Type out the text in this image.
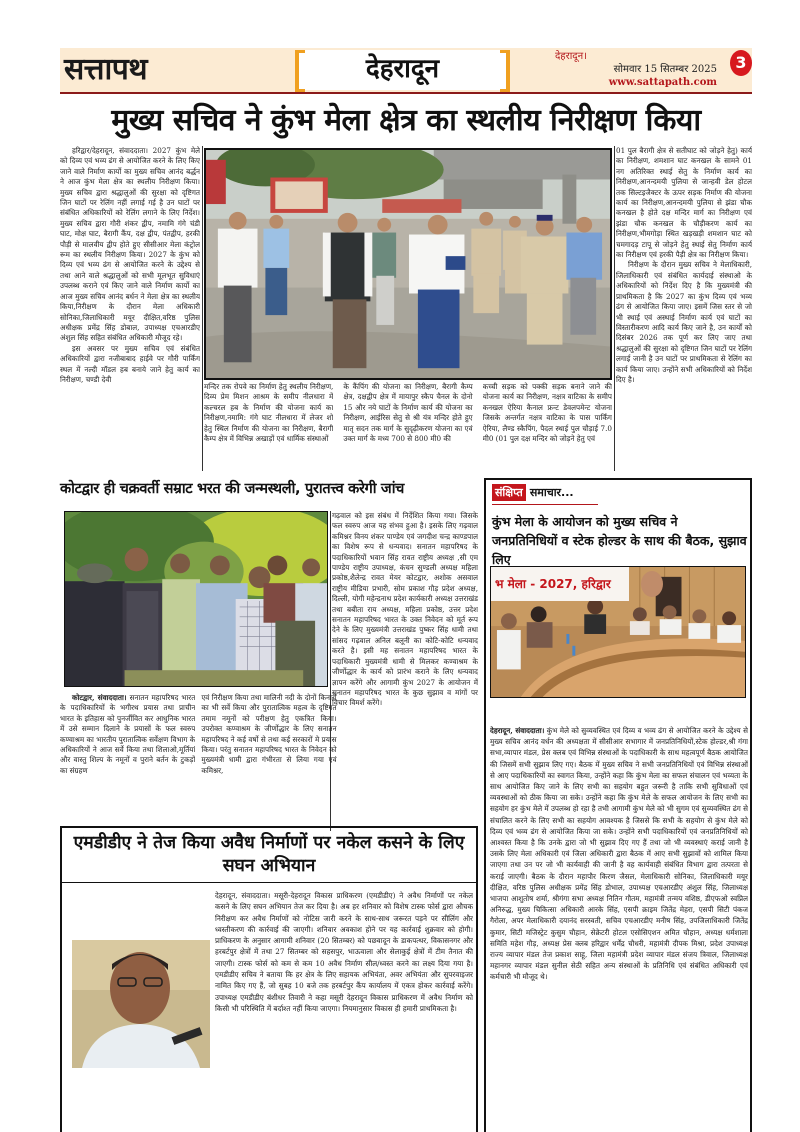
सत्तापथ	देहरादून	देहरादून।
सोमवार 15 सितम्बर 2025
www.sattapath.com
3
मुख्य सचिव ने कुंभ मेला क्षेत्र का स्थलीय निरीक्षण किया

हरिद्वार/देहरादून, संवाददाता। 2027 कुंभ मेले को दिव्य एवं भव्य ढंग से आयोजित करने के लिए किए जाने वाले निर्माण कार्यो का मुख्य सचिव आनंद बर्द्धन ने आज कुंभ मेला क्षेत्र का स्थलीय निरीक्षण किया। मुख्य सचिव द्वारा श्रद्धालुओं की सुरक्षा को दृष्टिगत जिन घाटों पर रेलिंग नहीं लगाई गई है उन घाटों पर संबंधित अधिकारियों को रेलिंग लगाने के लिए निर्देश। मुख्य सचिव द्वारा गौरी शंकर द्वीप, नमामि गंगे चंडी घाट, मोक्ष घाट, बैरागी कैंप, दक्ष द्वीप, पंतद्वीप, हरकी पौड़ी से मालवीय द्वीप होते हुए सीसीआर मेला कंट्रोल रूम का स्थलीय निरीक्षण किया। 2027 के कुंभ को दिव्य एवं भव्य ढंग से आयोजित करने के उद्देश्य से तथा आने वाले श्रद्धालुओं को सभी मूलभूत सुविधाएं उपलब्ध कराने एवं किए जाने वाले निर्माण कार्यो का आज मुख्य सचिव आनंद बर्धन ने मेला क्षेत्र का स्थलीय किया,निरीक्षण के दौरान मेला अधिकारी सोनिका,जिलाधिकारी मयूर दीक्षित,वरिष्ठ पुलिस अधीक्षक प्रमेंद्र सिंह डोबाल, उपाध्यक्ष एचआरडीए अंशुल सिंह सहित संबंधित अधिकारी मौजूद रहे।

इस अवसर पर मुख्य सचिव एवं संबंधित अधिकारियों द्वारा नजीबाबाद हाईवे पर गौरी पार्किंग स्थल में नल्दी मॉडल हब बनाये जाने हेतु कार्य का निरीक्षण, चण्डी देवी

मन्दिर तक रोपवे का निर्माण हेतु स्थलीय निरीक्षण, दिव्य प्रेम मिशन आश्रम के समीप नीलधारा में कल्चरल हब के निर्माण की योजना कार्य का निरीक्षण,नमामि: गंगे घाट नीलधारा में लेजर शो हेतु स्थिल निर्माण की योजना का निरीक्षण, बैरागी कैम्प क्षेत्र में विभिन्न अखाड़ों एवं धार्मिक संस्थाओं
के कैंपिंग की योजना का निरीक्षण, बैरागी कैम्प क्षेत्र, दक्षद्वीप क्षेत्र में मायापुर स्कैप चैनल के दोनो 15 और नये घाटों के निर्माण कार्य की योजना का निरीक्षण, आईरिस सेतु से श्री यंत्र मन्दिर होते हुए मातृ सदन तक मार्ग के सुदृढ़ीकरण योजना का एवं उक्त मार्ग के मध्य 700 से 800 मी0 की
कच्ची सड़क को पक्की सड़क बनाने जाने की योजना कार्य का निरीक्षण, नक्षत्र वाटिका के समीप कनखल ऐरिया कैनाल फ्रन्ट डेवलपमेन्ट योजना जिसके अन्तर्गत नक्षत्र वाटिका के पास पार्किंग ऐरिया, लैण्ड स्कैपिंग, पैदल स्थाई पुल चौड़ाई 7.0 मी0 (01 पुल दक्ष मन्दिर को जोड़ने हेतु एवं

01 पुल बैरागी क्षेत्र से सतीघाट को जोड़ने हेतु) कार्य का निरीक्षण, शमशान घाट कनखल के सामने 01 नग अतिरिक्त स्थाई सेतु के निर्माण कार्य का निरीक्षण,आनन्दमयी पुलिया से जान्हवी डेल होटल तक सिल्टइजैक्टर के ऊपर सड़क निर्माण की योजना कार्य का निरीक्षण,आनन्दमयी पुलिया से झंडा चौक कनखल है होते दक्ष मन्दिर मार्ग का निरीक्षण एवं झंडा चौक कनखल के चौड़ीकरण कार्य का निरीक्षण,भीमगोड़ा स्थित खड़खड़ी शमशान घाट को चमगादड़ टापू से जोड़ने हेतु स्थाई सेतु निर्माण कार्य का निरीक्षण एवं हरकी पैड़ी क्षेत्र का निरीक्षण किया।

निरीक्षण के दौरान मुख्य सचिव ने मेलाधिकारी, जिलाधिकारी एवं संबंधित कार्यदाई संस्थाओ के अधिकारियों को निर्देश दिए है कि मुख्यमंत्री की प्राथमिकता है कि 2027 का कुंभ दिव्य एवं भव्य ढंग से आयोजित किया जाए। इसमें जिस स्तर से जो भी स्थाई एवं अस्थाई निर्माण कार्य एवं घाटों का विस्तारीकरण आदि कार्य किए जाने है, उन कार्यों को दिसंबर 2026 तक पूर्ण कर लिए जाए तथा श्रद्धालुओं की सुरक्षा को दृष्टिगत जिन घाटों पर रेलिंग लगाई जानी है उन घाटों पर प्राथमिकता से रेलिंग का कार्य किया जाए। उन्होंने सभी अधिकारियों को निर्देश दिए है।

कोटद्वार ही चक्रवर्ती सम्राट भरत की जन्मस्थली, पुरातत्त्व करेगी जांच
गढ़वाल को इस संबंध में निर्देशित किया गया। जिसके फल स्वरुप आज यह संभव हुआ है। इसके लिए गढ़वाल कमिश्नर विनय शंकर पाण्डेय एवं जगदीश चन्द्र काण्डपाल का विशेष रूप से धन्यवाद। सनातन महापरिषद के पदाधिकारियों भवान सिंह रावत राष्ट्रीय अध्यक्ष ,सी एम पाण्डेय राष्ट्रीय उपाध्यक्ष, कंचन सुण्डली अध्यक्ष महिला प्रकोष्ठ,शैलेन्द्र रावत मेयर कोटद्वार, अशोक असवाल राष्ट्रीय मीडिया प्रभारी, सोम प्रकाश गौड़ प्रदेश अध्यक्ष, दिल्ली, योगी महेन्द्रनाथ प्रदेश कार्यकारी अध्यक्ष उत्तराखंड तथा बबीता राय अध्यक्ष, महिला प्रकोष्ठ, उत्तर प्रदेश सनातन महापरिषद भारत के उक्त निवेदन को मूर्त रूप देने के लिए मुख्यमंत्री उत्तराखंड पुष्कर सिंह धामी तथा सांसद गढ़वाल अनिल बलूनी का कोटि-कोटि धन्यवाद करते है। इसी मह सनातन महापरिषद भारत के पदाधिकारी मुख्यमंत्री धामी से मिलकर कण्वाश्रम के जीर्णोद्धार के कार्य को प्रारंभ कराने के लिए धन्यवाद ज्ञापन करेंगे और आगामी कुंभ 2027 के आयोजन में सनातन महापरिषद भारत के कुछ सुझाव व मांगों पर विचार विमर्श करेंगे।

कोटद्वार, संवाददाता। सनातन महापरिषद भारत के पदाधिकारियों के भगीरथ प्रयास तथा प्राचीन भारत के इतिहास को पुनर्जीवित कर आधुनिक भारत में उसे सम्मान दिलाने के प्रयासों के फल स्वरुप कण्वाश्रम का भारतीय पुरातात्विक सर्वेक्षण विभाग के अधिकारियों ने आज सर्वे किया तथा शिलाओ,मूर्तियां और वास्तु शिल्प के नमूनों व पुराने बर्तन के टुकड़ों का संग्रहण

एवं निरीक्षण किया तथा मालिनी नदी के दोनों किनारों का भी सर्वे किया और पुरातात्विक महत्व के दृष्टिगत तमाम नमूनों को परीक्षण हेतु एकत्रित किया। उपरोक्त कण्वाश्रम के जीर्णोद्धार के लिए सनातन महापरिषद ने कई वर्षो से तथा कई सरकारों मे प्रयास किया। परंतु सनातन महापरिषद भारत के निवेदन को मुख्यमंत्री धामी द्वारा गंभीरता से लिया गया एवं कमिश्नर,
संक्षिप्त समाचार...
कुंभ मेला के आयोजन को मुख्य सचिव ने जनप्रतिनिधियों व स्टेक होल्डर के साथ की बैठक, सुझाव लिए
भ मेला - 2027, हरिद्वार
देहरादून, संवाददाता। कुंभ मेले को सुव्यवस्थित एवं दिव्य व भव्य ढंग से आयोजित करने के उद्देश्य से मुख्य सचिव आनंद वर्धन की अध्यक्षता में सीसीआर सभागार में जनप्रतिनिधियों,स्टेक होल्डर,श्री गंगा सभा,व्यापार मंडल, प्रेस क्लब एवं विभिन्न संस्थाओं के पदाधिकारी के साथ महत्वपूर्ण बैठक आयोजित की जिसमें सभी सुझाव लिए गए। बैठक में मुख्य सचिव ने सभी जनप्रतिनिधियों एवं विभिन्न संस्थाओं से आए पदाधिकारियों का स्वागत किया, उन्होंने कहा कि कुंभ मेला का सफल संचालन एवं भव्यता के साथ आयोजित किए जाने के लिए सभी का सहयोग बहुत जरूरी है ताकि सभी सुविधाओं एवं व्यवस्थाओं को ठीक किया जा सके। उन्होंने कहा कि कुंभ मेले के सफल आयोजन के लिए सभी का सहयोग हर कुंभ मेले में उपलब्ध हो रहा है तभी आगामी कुंभ मेले को भी सुगम एवं सुव्यवस्थित ढंग से संचालित करने के लिए सभी का सहयोग आवश्यक है जिससे कि सभी के सहयोग से कुंभ मेले को दिव्य एवं भव्य ढंग से आयोजित किया जा सके। उन्होंने सभी पदाधिकारियों एवं जनप्रतिनिधियों को आश्वस्त किया है कि उनके द्वारा जो भी सुझाव दिए गए हैं तथा जो भी व्यवस्थाएं कराई जानी है उसके लिए मेला अधिकारी एवं जिला अधिकारी द्वारा बैठक में आए सभी सुझावों को शामिल किया जाएगा तथा उन पर जो भी कार्यवाही की जानी है वह कार्यवाही संबंधित विभाग द्वारा तत्परता से कराई जाएगी। बैठक के दौरान महापौर किरण जैसल, मेलाधिकारी सोनिका, जिलाधिकारी मयूर दीक्षित, वरिष्ठ पुलिस अधीक्षक प्रमेंद्र सिंह डोभाल, उपाध्यक्ष एचआरडीए अंशुल सिंह, जिलाध्यक्ष भाजपा आशुतोष शर्मा, श्रीगंगा सभा अध्यक्ष नितिन गौतम, महामंत्री तन्मय वशिष्ठ, डीएफओ स्वप्निल अनिरुद्ध, मुख्य चिकित्सा अधिकारी आरके सिंह, एसपी क्राइम जितेंद्र मेहरा, एसपी सिटी पंकज गैरोला, अपर मेलाधिकारी दयानंद सरस्वती, सचिव एचआरडीए मनीष सिंह, उपजिलाधिकारी जितेंद्र कुमार, सिटी मजिस्ट्रेट कुसुम चौहान, सेक्रेटरी होटल एसोसिएशन अमित चौहान, अध्यक्ष धर्मशाला समिति महेश गौड़, अध्यक्ष प्रेस क्लब हरिद्वार धर्मेंद्र चौधरी, महामंत्री दीपक मिश्रा, प्रदेश उपाध्यक्ष राज्य व्यापार मंडल तेज प्रकाश साहू, जिला महामंत्री प्रदेश व्यापार मंडल संजय त्रिवाल, जिलाध्यक्ष महानगर व्यापार मंडल सुनील सेठी सहित अन्य संस्थाओं के प्रतिनिधि एवं संबंधित अधिकारी एवं कर्मचारी भी मौजूद थे।
एमडीडीए ने तेज किया अवैध निर्माणों पर नकेल कसने के लिए सघन अभियान
देहरादून, संवाददाता। मसूरी-देहरादून विकास प्राधिकरण (एमडीडीए) ने अवैध निर्माणों पर नकेल कसने के लिए सघन अभियान तेज कर दिया है। अब हर शनिवार को विशेष टास्क फोर्स द्वारा औचक निरीक्षण कर अवैध निर्माणों को नोटिस जारी करने के साथ-साथ जरूरत पड़ने पर सीलिंग और ध्वस्तीकरण की कार्रवाई की जाएगी। शनिवार अवकाश होने पर यह कार्रवाई शुक्रवार को होगी। प्राधिकरण के अनुसार आगामी शनिवार (20 सितम्बर) को पछवादून के डाकपत्थर, विकासनगर और हरबर्टपुर क्षेत्रों में तथा 27 सितम्बर को सहसपुर, भाऊवाला और सेलाकुई क्षेत्रों में टीम तैनात की जाएगी। टास्क फोर्स को कम से कम 10 अवैध निर्माण सील/ध्वस्त करने का लक्ष्य दिया गया है।एमडीडीए सचिव ने बताया कि हर क्षेत्र के लिए सहायक अभियंता, अवर अभियंता और सुपरवाइजर नामित किए गए हैं, जो सुबह 10 बजे तक हरबर्टपुर कैंप कार्यालय में एकत्र होकर कार्रवाई करेंगे। उपाध्यक्ष एमडीडीए बंशीधर तिवारी ने कहा मसूरी देहरादून विकास प्राधिकरण में अवैध निर्माण को किसी भी परिस्थिति में बर्दाश्त नहीं किया जाएगा। नियमानुसार विकास ही हमारी प्राथमिकता है।
